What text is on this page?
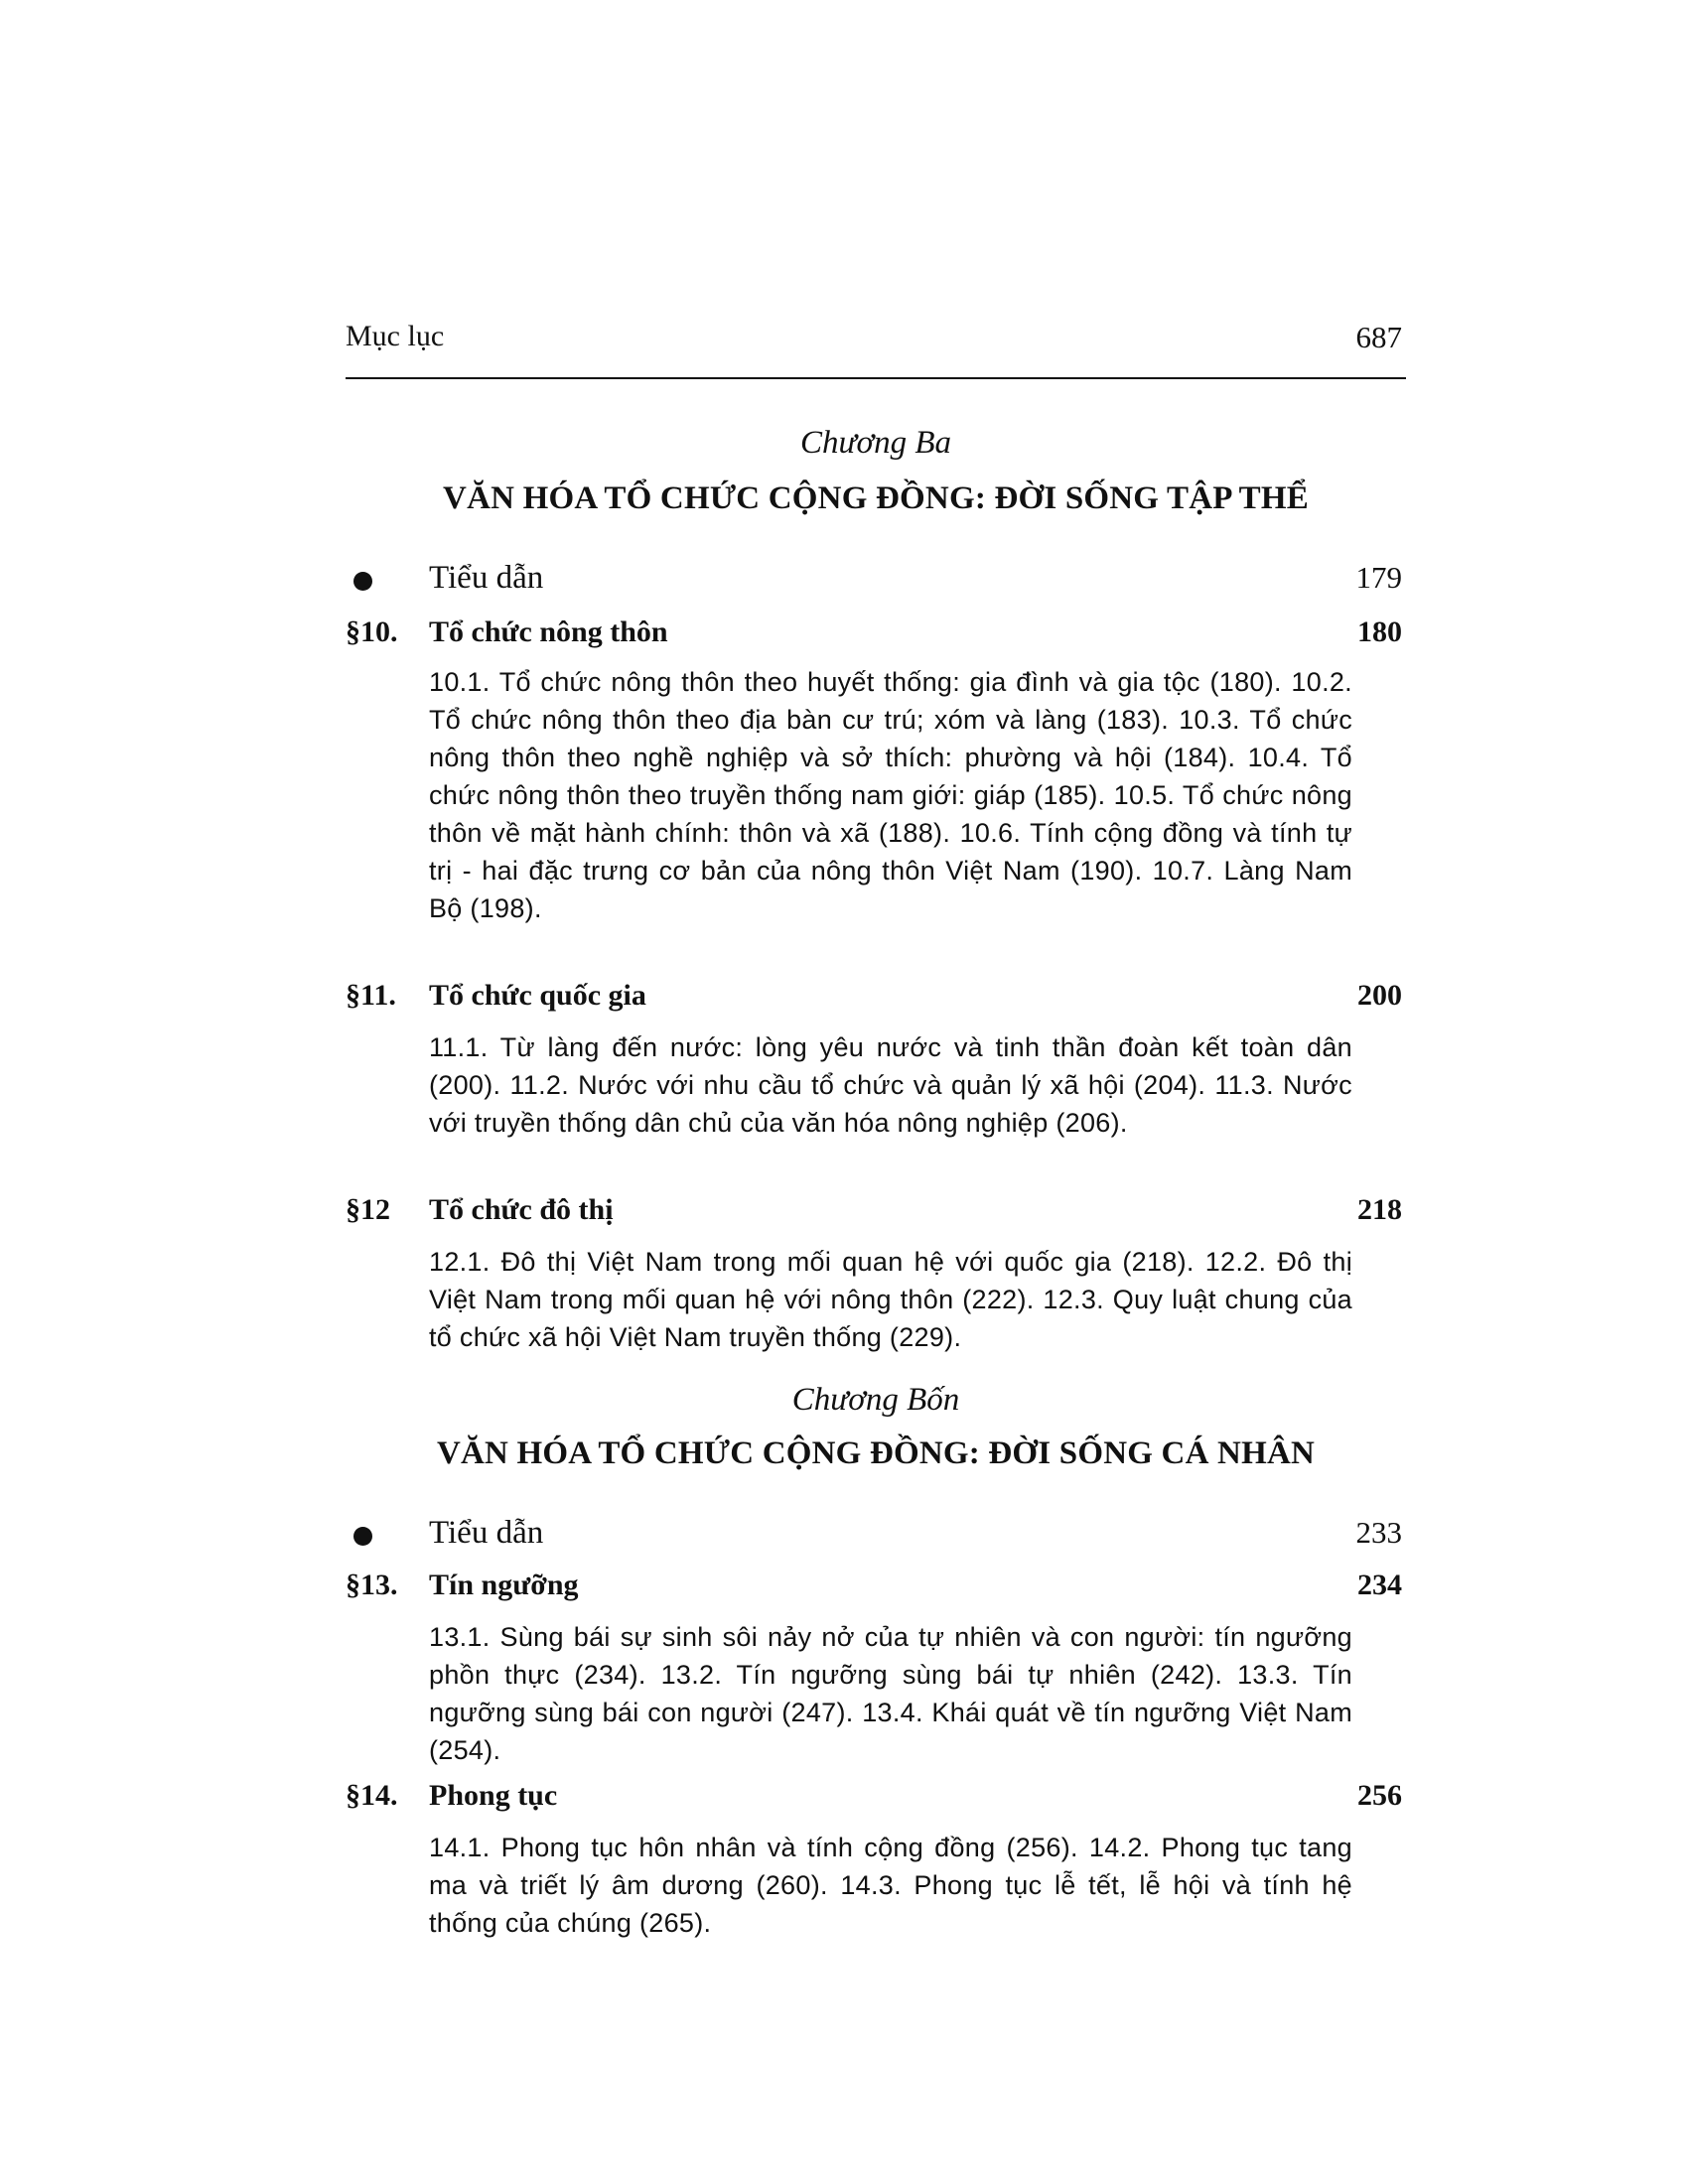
Mục lục	687
Chương Ba
VĂN HÓA TỔ CHỨC CỘNG ĐỒNG: ĐỜI SỐNG TẬP THỂ
Tiểu dẫn	179
§10. Tổ chức nông thôn	180
10.1. Tổ chức nông thôn theo huyết thống: gia đình và gia tộc (180). 10.2. Tổ chức nông thôn theo địa bàn cư trú; xóm và làng (183). 10.3. Tổ chức nông thôn theo nghề nghiệp và sở thích: phường và hội (184). 10.4. Tổ chức nông thôn theo truyền thống nam giới: giáp (185). 10.5. Tổ chức nông thôn về mặt hành chính: thôn và xã (188). 10.6. Tính cộng đồng và tính tự trị - hai đặc trưng cơ bản của nông thôn Việt Nam (190). 10.7. Làng Nam Bộ (198).
§11. Tổ chức quốc gia	200
11.1. Từ làng đến nước: lòng yêu nước và tinh thần đoàn kết toàn dân (200). 11.2. Nước với nhu cầu tổ chức và quản lý xã hội (204). 11.3. Nước với truyền thống dân chủ của văn hóa nông nghiệp (206).
§12 Tổ chức đô thị	218
12.1. Đô thị Việt Nam trong mối quan hệ với quốc gia (218). 12.2. Đô thị Việt Nam trong mối quan hệ với nông thôn (222). 12.3. Quy luật chung của tổ chức xã hội Việt Nam truyền thống (229).
Chương Bốn
VĂN HÓA TỔ CHỨC CỘNG ĐỒNG: ĐỜI SỐNG CÁ NHÂN
Tiểu dẫn	233
§13. Tín ngưỡng	234
13.1. Sùng bái sự sinh sôi nảy nở của tự nhiên và con người: tín ngưỡng phồn thực (234). 13.2. Tín ngưỡng sùng bái tự nhiên (242). 13.3. Tín ngưỡng sùng bái con người (247). 13.4. Khái quát về tín ngưỡng Việt Nam (254).
§14. Phong tục	256
14.1. Phong tục hôn nhân và tính cộng đồng (256). 14.2. Phong tục tang ma và triết lý âm dương (260). 14.3. Phong tục lễ tết, lễ hội và tính hệ thống của chúng (265).
